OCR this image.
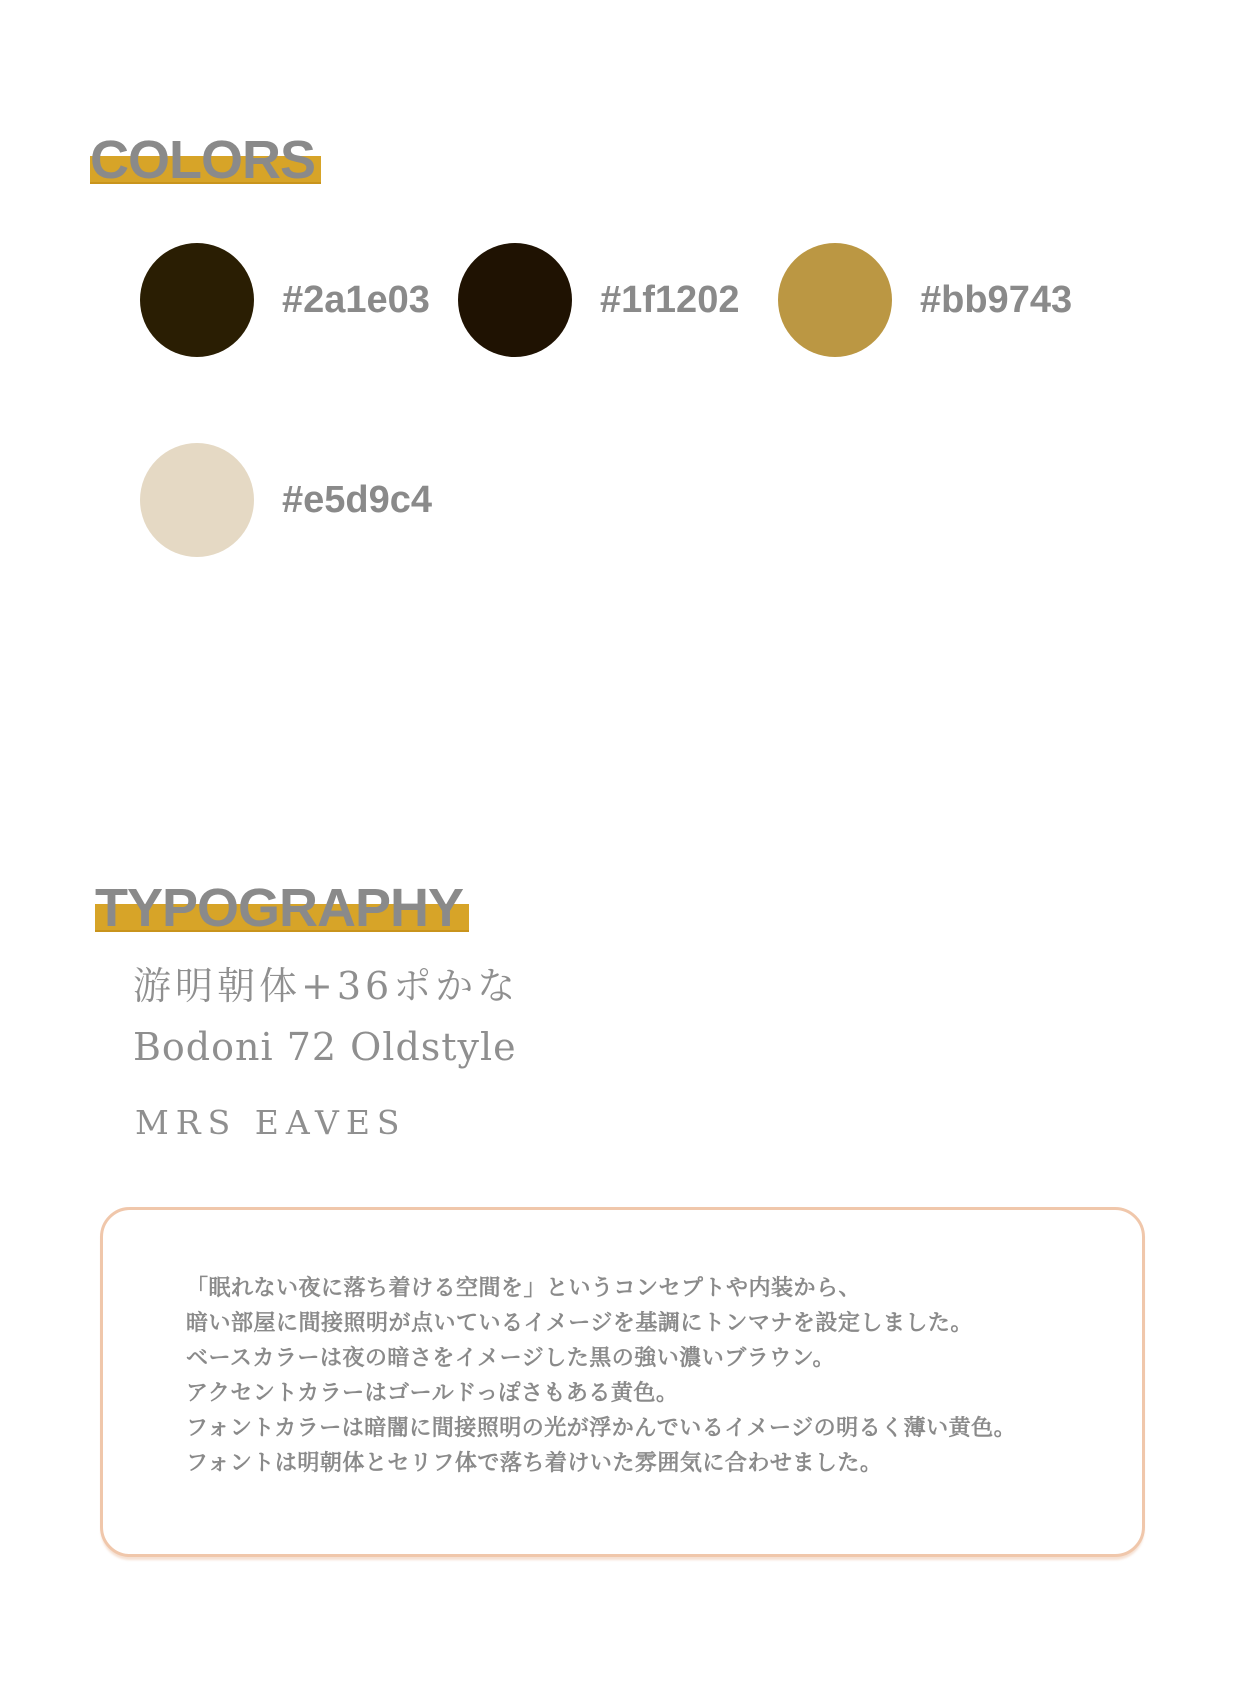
COLORS
#2a1e03	#1f1202	#bb9743
#e5d9c4
TYPOGRAPHY
游明朝体+36ポかな
Bodoni 72 Oldstyle
MRS EAVES

「眠れない夜に落ち着ける空間を」というコンセプトや内装から、

暗い部屋に間接照明が点いているイメージを基調にトンマナを設定しました。

ベースカラーは夜の暗さをイメージした黒の強い濃いブラウン。

アクセントカラーはゴールドっぽさもある黄色。

フォントカラーは暗闇に間接照明の光が浮かんでいるイメージの明るく薄い黄色。

フォントは明朝体とセリフ体で落ち着けいた雰囲気に合わせました。
